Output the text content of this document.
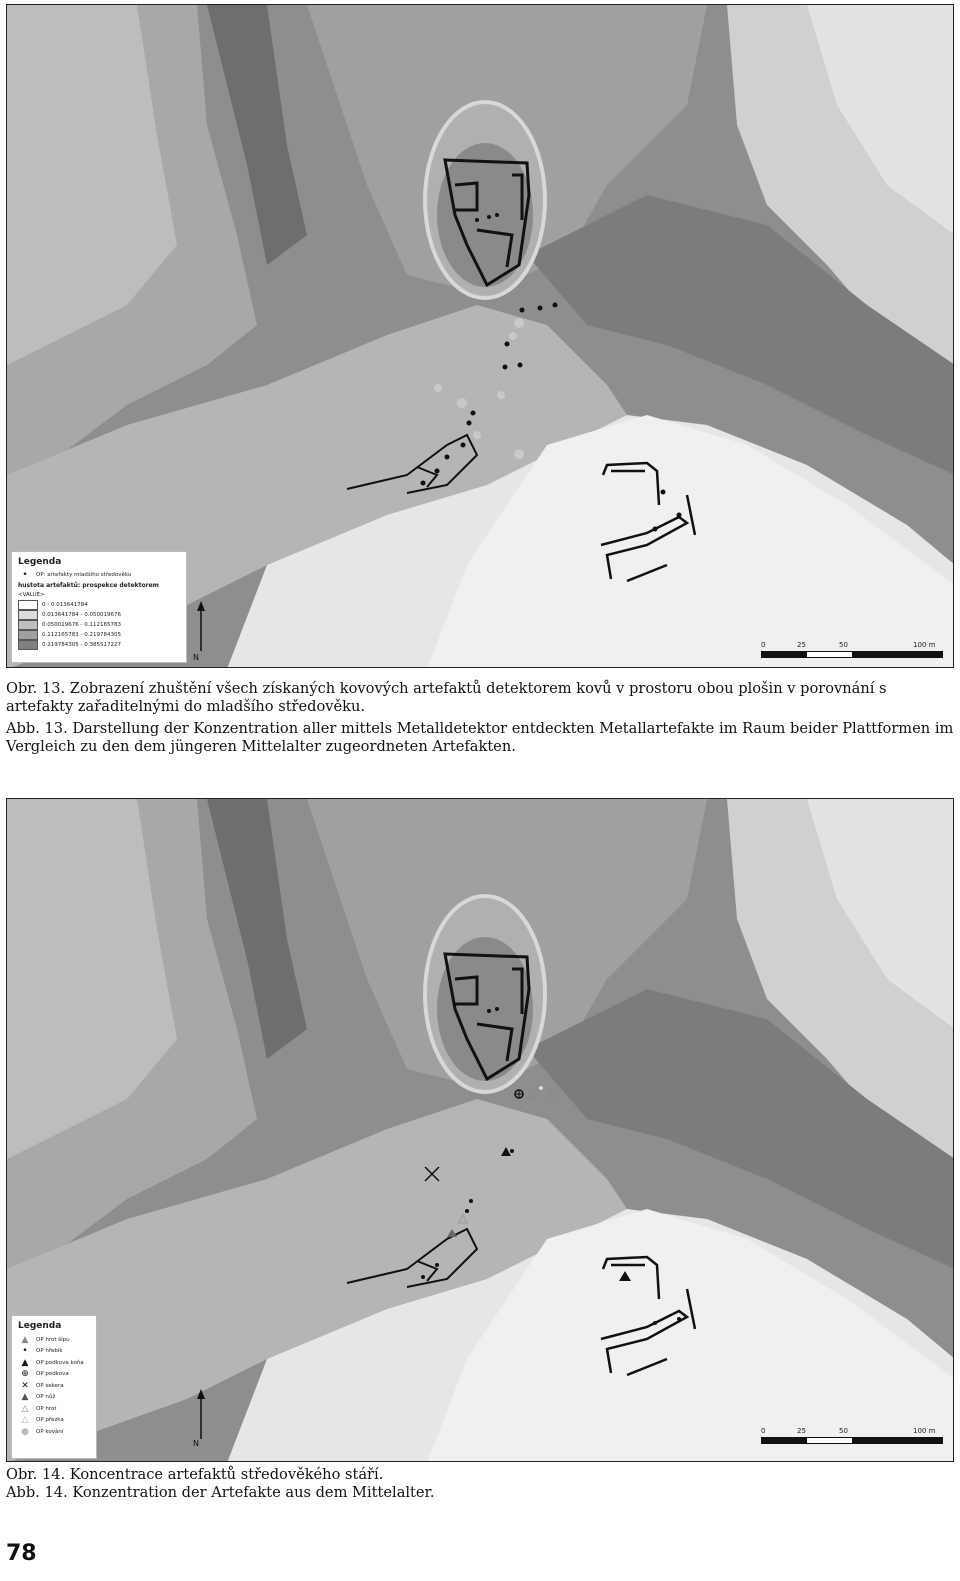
Legenda
•	OP: artefakty mladšího středověku
hustota artefaktů: prospekce detektorem
<VALUE>
0 - 0.013641784
0.013641784 - 0.050019676
0.050019676 - 0.112165783
0.112165783 - 0.219784305
0.219784305 - 0.385517227
N
0	25	50	100 m

Obr. 13. Zobrazení zhuštění všech získaných kovových artefaktů detektorem kovů v prostoru obou plošin v porovnání s artefakty zařaditelnými do mladšího středověku.

Abb. 13. Darstellung der Konzentration aller mittels Metalldetektor entdeckten Metallartefakte im Raum beider Plattformen im Vergleich zu den dem jüngeren Mittelalter zugeordneten Artefakten.

Legenda
▲	OP hrot šípu
•	OP hřebík
▲	OP podkova koňa
⊕	OP podkova
✕	OP sekera
▲	OP nůž
△	OP hrot
△	OP přezka
●	OP kování
N
0	25	50	100 m

Obr. 14. Koncentrace artefaktů středověkého stáří.

Abb. 14. Konzentration der Artefakte aus dem Mittelalter.

78
